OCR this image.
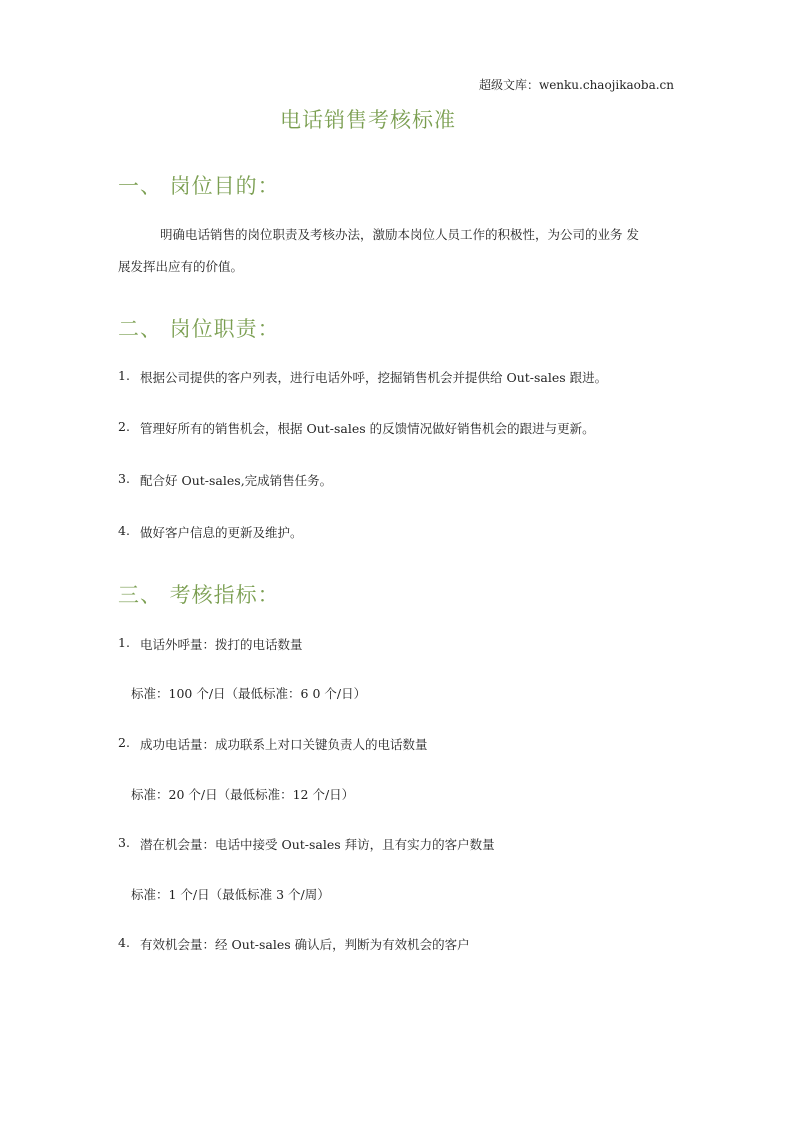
超级文库：wenku.chaojikaoba.cn
电话销售考核标准
一、 岗位目的：
明确电话销售的岗位职责及考核办法，激励本岗位人员工作的积极性，为公司的业务 发
展发挥出应有的价值。
二、 岗位职责：
1. 根据公司提供的客户列表，进行电话外呼，挖掘销售机会并提供给 Out-sales 跟进。
2. 管理好所有的销售机会，根据 Out-sales 的反馈情况做好销售机会的跟进与更新。
3. 配合好 Out-sales,完成销售任务。
4. 做好客户信息的更新及维护。
三、 考核指标：
1. 电话外呼量：拨打的电话数量
标准：100 个/日（最低标准：6 0 个/日）
2. 成功电话量：成功联系上对口关键负责人的电话数量
标准：20 个/日（最低标准：12 个/日）
3. 潜在机会量：电话中接受 Out-sales 拜访，且有实力的客户数量
标准：1 个/日（最低标准 3 个/周）
4. 有效机会量：经 Out-sales 确认后，判断为有效机会的客户
